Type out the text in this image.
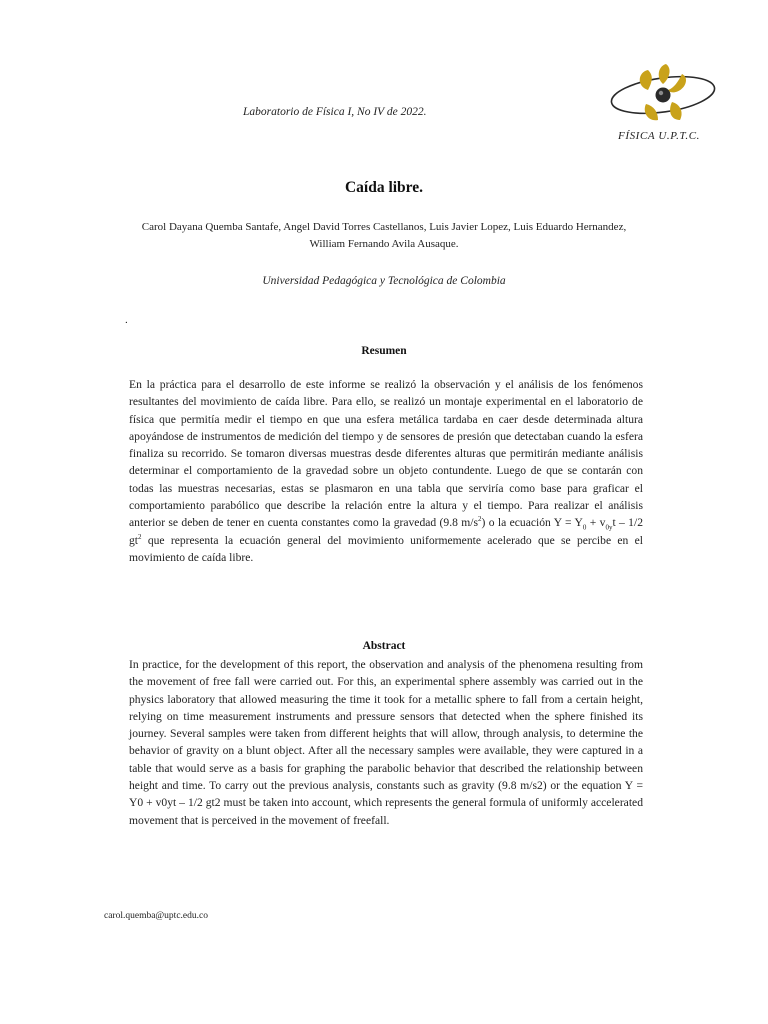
Laboratorio de Física I, No IV de 2022.
FÍSICA U.P.T.C.
Caída libre.
Carol Dayana Quemba Santafe, Angel David Torres Castellanos, Luis Javier Lopez, Luis Eduardo Hernandez,
William Fernando Avila Ausaque.
Universidad Pedagógica y Tecnológica de Colombia
.
Resumen

En la práctica para el desarrollo de este informe se realizó la observación y el análisis de los fenómenos resultantes del movimiento de caída libre. Para ello, se realizó un montaje experimental en el laboratorio de física que permitía medir el tiempo en que una esfera metálica tardaba en caer desde determinada altura apoyándose de instrumentos de medición del tiempo y de sensores de presión que detectaban cuando la esfera finaliza su recorrido. Se tomaron diversas muestras desde diferentes alturas que permitirán mediante análisis determinar el comportamiento de la gravedad sobre un objeto contundente. Luego de que se contarán con todas las muestras necesarias, estas se plasmaron en una tabla que serviría como base para graficar el comportamiento parabólico que describe la relación entre la altura y el tiempo. Para realizar el análisis anterior se deben de tener en cuenta constantes como la gravedad (9.8 $m/s^2$) o la ecuación $Y = Y_0 + v_{0y}t - 1/2$ $gt^2$ que representa la ecuación general del movimiento uniformemente acelerado que se percibe en el movimiento de caída libre.

Abstract

In practice, for the development of this report, the observation and analysis of the phenomena resulting from the movement of free fall were carried out. For this, an experimental sphere assembly was carried out in the physics laboratory that allowed measuring the time it took for a metallic sphere to fall from a certain height, relying on time measurement instruments and pressure sensors that detected when the sphere finished its journey. Several samples were taken from different heights that will allow, through analysis, to determine the behavior of gravity on a blunt object. After all the necessary samples were available, they were captured in a table that would serve as a basis for graphing the parabolic behavior that described the relationship between height and time. To carry out the previous analysis, constants such as gravity (9.8 m/s2) or the equation Y = Y0 + v0yt – 1/2 gt2 must be taken into account, which represents the general formula of uniformly accelerated movement that is perceived in the movement of freefall.

carol.quemba@uptc.edu.co
